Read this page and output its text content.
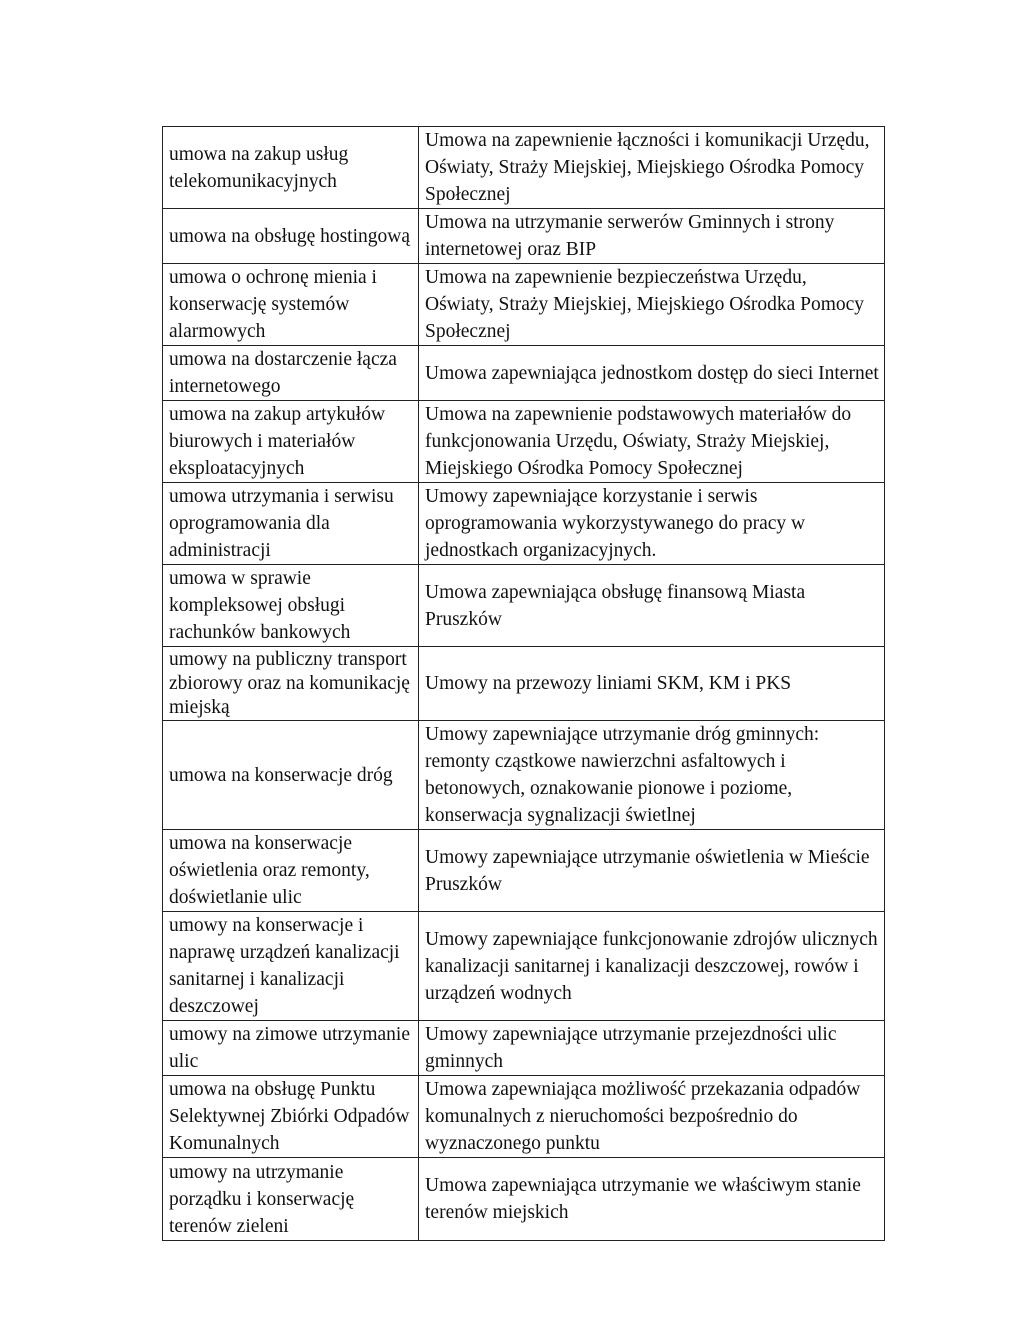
umowa na zakup usług telekomunikacyjnych	Umowa na zapewnienie łączności i komunikacji Urzędu, Oświaty, Straży Miejskiej, Miejskiego Ośrodka Pomocy Społecznej
umowa na obsługę hostingową	Umowa na utrzymanie serwerów Gminnych i strony internetowej oraz BIP
umowa o ochronę mienia i konserwację systemów alarmowych	Umowa na zapewnienie bezpieczeństwa Urzędu, Oświaty, Straży Miejskiej, Miejskiego Ośrodka Pomocy Społecznej
umowa na dostarczenie łącza internetowego	Umowa zapewniająca jednostkom dostęp do sieci Internet
umowa na zakup artykułów biurowych i materiałów eksploatacyjnych	Umowa na zapewnienie podstawowych materiałów do funkcjonowania Urzędu, Oświaty, Straży Miejskiej, Miejskiego Ośrodka Pomocy Społecznej
umowa utrzymania i serwisu oprogramowania dla administracji	Umowy zapewniające korzystanie i serwis oprogramowania wykorzystywanego do pracy w jednostkach organizacyjnych.
umowa w sprawie kompleksowej obsługi rachunków bankowych	Umowa zapewniająca obsługę finansową Miasta Pruszków
umowy na publiczny transport zbiorowy oraz na komunikację miejską	Umowy na przewozy liniami SKM, KM i PKS
umowa na konserwacje dróg	Umowy zapewniające utrzymanie dróg gminnych: remonty cząstkowe nawierzchni asfaltowych i betonowych, oznakowanie pionowe i poziome, konserwacja sygnalizacji świetlnej
umowa na konserwacje oświetlenia oraz remonty, doświetlanie ulic	Umowy zapewniające utrzymanie oświetlenia w Mieście Pruszków
umowy na konserwacje i naprawę urządzeń kanalizacji sanitarnej i kanalizacji deszczowej	Umowy zapewniające funkcjonowanie zdrojów ulicznych kanalizacji sanitarnej i kanalizacji deszczowej, rowów i urządzeń wodnych
umowy na zimowe utrzymanie ulic	Umowy zapewniające utrzymanie przejezdności ulic gminnych
umowa na obsługę Punktu Selektywnej Zbiórki Odpadów Komunalnych	Umowa zapewniająca możliwość przekazania odpadów komunalnych z nieruchomości bezpośrednio do wyznaczonego punktu
umowy na utrzymanie porządku i konserwację terenów zieleni	Umowa zapewniająca utrzymanie we właściwym stanie terenów miejskich
